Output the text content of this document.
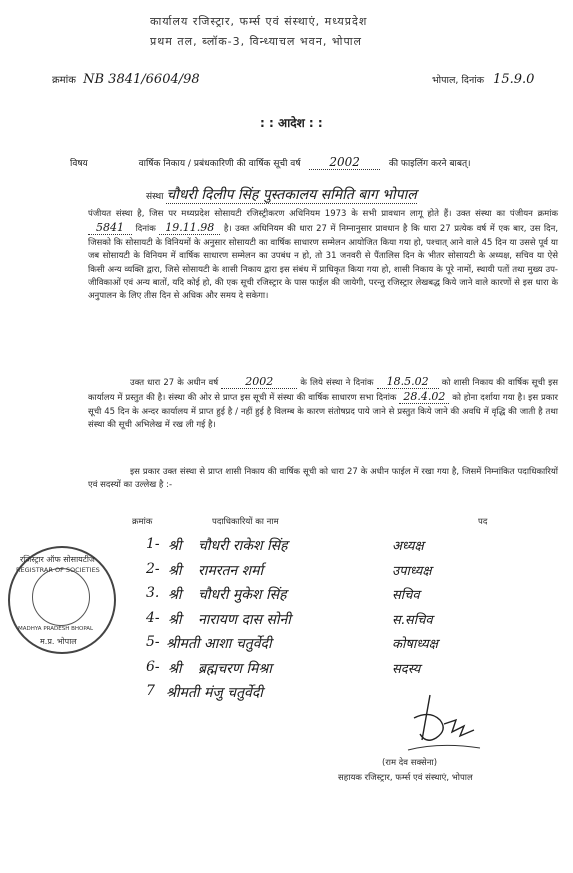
कार्यालय रजिस्ट्रार, फर्म्स एवं संस्थाएं, मध्यप्रदेश
प्रथम तल, ब्लॉक-3, विन्ध्याचल भवन, भोपाल
क्रमांक NB 3841/6604/98	भोपाल, दिनांक 15.9.0
: : आदेश : :
विषय	वार्षिक निकाय / प्रबंधकारिणी की वार्षिक सूची वर्ष 2002	की फाइलिंग करने बाबत्।
संस्था चौधरी दिलीप सिंह पुस्तकालय समिति बाग भोपाल
पंजीयत संस्था है, जिस पर मध्यप्रदेश सोसायटी रजिस्ट्रीकरण अधिनियम 1973 के सभी प्रावधान लागू होते हैं। उक्त संस्था का पंजीयन क्रमांक 5841 दिनांक 19.11.98 है। उक्त अधिनियम की धारा 27 में निम्नानुसार प्रावधान है कि धारा 27 प्रत्येक वर्ष में एक बार, उस दिन, जिसको कि सोसायटी के विनियमों के अनुसार सोसायटी का वार्षिक साधारण सम्मेलन आयोजित किया गया हो, पश्चात् आने वाले 45 दिन या उससे पूर्व या जब सोसायटी के विनियम में वार्षिक साधारण सम्मेलन का उपबंध न हो, तो 31 जनवरी से पैंतालिस दिन के भीतर सोसायटी के अध्यक्ष, सचिव या ऐसे किसी अन्य व्यक्ति द्वारा, जिसे सोसायटी के शासी निकाय द्वारा इस संबंध में प्राधिकृत किया गया हो, शासी निकाय के पूरे नामों, स्थायी पतों तथा मुख्य उप-जीविकाओं एवं अन्य बातों, यदि कोई हो, की एक सूची रजिस्ट्रार के पास फाईल की जायेगी, परन्तु रजिस्ट्रार लेखबद्ध किये जाने वाले कारणों से इस धारा के अनुपालन के लिए तीस दिन से अधिक और समय दे सकेगा।
उक्त धारा 27 के अधीन वर्ष 2002	के लिये संस्था ने दिनांक 18.5.02 को शासी निकाय की वार्षिक सूची इस कार्यालय में प्रस्तुत की है। संस्था की ओर से प्राप्त इस सूची में संस्था की वार्षिक साधारण सभा दिनांक 28.4.02 को होना दर्शाया गया है। इस प्रकार सूची 45 दिन के अन्दर कार्यालय में प्राप्त हुई है / नहीं हुई है विलम्ब के कारण संतोषप्रद पाये जाने से प्रस्तुत किये जाने की अवधि में वृद्धि की जाती है तथा संस्था की सूची अभिलेख में रख ली गई है।
इस प्रकार उक्त संस्था से प्राप्त शासी निकाय की वार्षिक सूची को धारा 27 के अधीन फाईल में रखा गया है, जिसमें निम्नांकित पदाधिकारियों एवं सदस्यों का उल्लेख है :-
क्रमांक	पदाधिकारियों का नाम	पद
1- श्री चौधरी राकेश सिंह	अध्यक्ष
2- श्री रामरतन शर्मा	उपाध्यक्ष
3. श्री चौधरी मुकेश सिंह	सचिव
4- श्री नारायण दास सोनी	स.सचिव
5- श्रीमती आशा चतुर्वेदी	कोषाध्यक्ष
6- श्री ब्रह्मचरण मिश्रा	सदस्य
7 श्रीमती मंजु चतुर्वेदी
रजिस्ट्रार ऑफ सोसायटीज
REGISTRAR OF SOCIETIES
MADHYA PRADESH BHOPAL
म.प्र. भोपाल
(राम देव सक्सेना)
सहायक रजिस्ट्रार, फर्म्स एवं संस्थाएं, भोपाल
